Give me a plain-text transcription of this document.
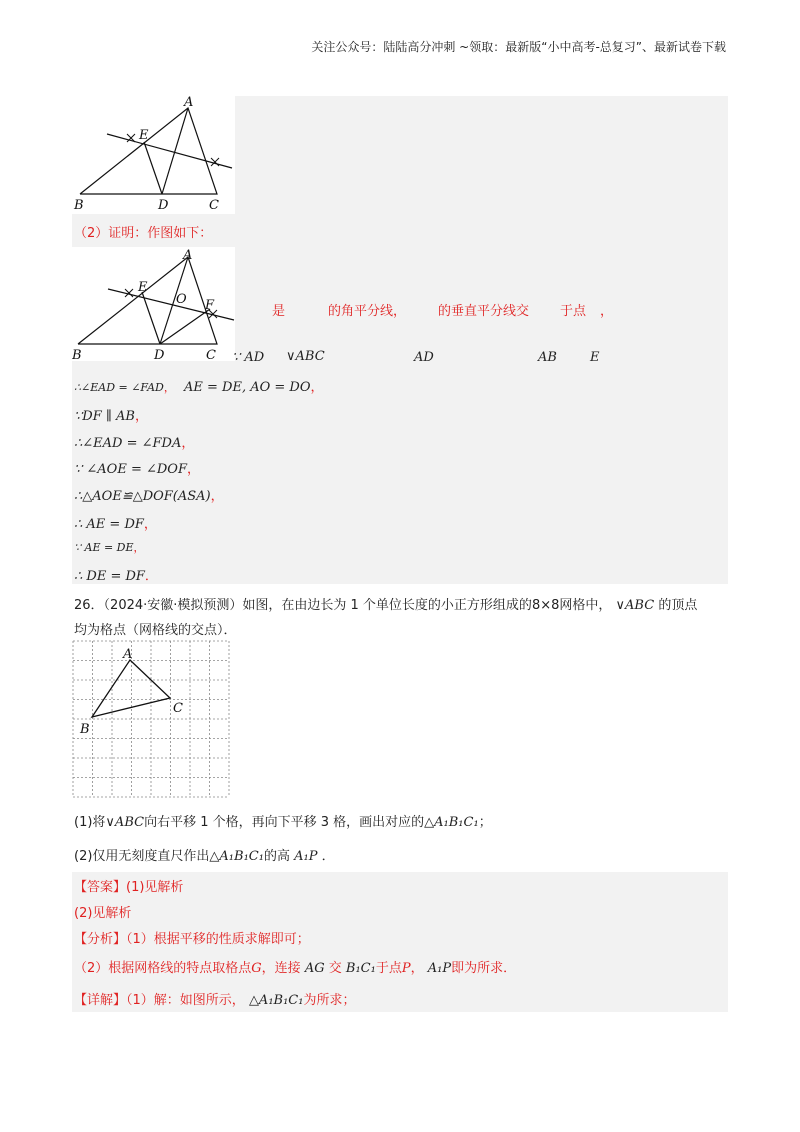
关注公众号：陆陆高分冲刺 ~领取：最新版“小中高考-总复习”、最新试卷下载
A
E
B	D	C
（2）证明：作图如下：
A
E
O F
B	D	C
是	的角平分线， 的垂直平分线交 于点 ，
∵ AD ∨ABC	AD	AB	E
∴∠EAD = ∠FAD， AE = DE, AO = DO，
∵DF ∥ AB，
∴∠EAD = ∠FDA，
∵ ∠AOE = ∠DOF，
∴△AOE≌△DOF(ASA)，
∴ AE = DF，
∵ AE = DE，
∴ DE = DF．
26．（2024·安徽·模拟预测）如图，在由边长为 1 个单位长度的小正方形组成的8×8网格中， ∨ABC 的顶点
均为格点（网格线的交点）．
A
B
C
(1)将∨ABC向右平移 1 个格，再向下平移 3 格，画出对应的△A₁B₁C₁；
(2)仅用无刻度直尺作出△A₁B₁C₁的高 A₁P ．
【答案】(1)见解析
(2)见解析
【分析】（1）根据平移的性质求解即可；
（2）根据网格线的特点取格点G，连接 AG 交 B₁C₁于点P， A₁P即为所求．
【详解】（1）解：如图所示， △A₁B₁C₁为所求；
